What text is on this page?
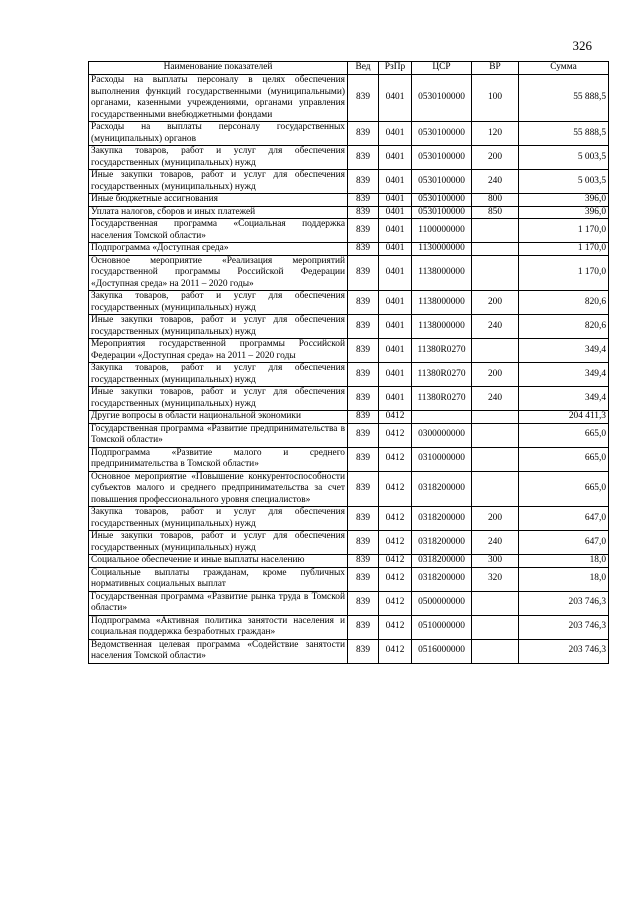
326
Наименование показателей	Вед	РзПр	ЦСР	ВР	Сумма
Расходы на выплаты персоналу в целях обеспечения выполнения функций государственными (муниципальными) органами, казенными учреждениями, органами управления государственными внебюджетными фондами	839	0401	0530100000	100	55 888,5
Расходы на выплаты персоналу государственных (муниципальных) органов	839	0401	0530100000	120	55 888,5
Закупка товаров, работ и услуг для обеспечения государственных (муниципальных) нужд	839	0401	0530100000	200	5 003,5
Иные закупки товаров, работ и услуг для обеспечения государственных (муниципальных) нужд	839	0401	0530100000	240	5 003,5
Иные бюджетные ассигнования	839	0401	0530100000	800	396,0
Уплата налогов, сборов и иных платежей	839	0401	0530100000	850	396,0
Государственная программа «Социальная поддержка населения Томской области»	839	0401	1100000000		1 170,0
Подпрограмма «Доступная среда»	839	0401	1130000000		1 170,0
Основное мероприятие «Реализация мероприятий государственной программы Российской Федерации «Доступная среда» на 2011 – 2020 годы»	839	0401	1138000000		1 170,0
Закупка товаров, работ и услуг для обеспечения государственных (муниципальных) нужд	839	0401	1138000000	200	820,6
Иные закупки товаров, работ и услуг для обеспечения государственных (муниципальных) нужд	839	0401	1138000000	240	820,6
Мероприятия государственной программы Российской Федерации «Доступная среда» на 2011 – 2020 годы	839	0401	11380R0270		349,4
Закупка товаров, работ и услуг для обеспечения государственных (муниципальных) нужд	839	0401	11380R0270	200	349,4
Иные закупки товаров, работ и услуг для обеспечения государственных (муниципальных) нужд	839	0401	11380R0270	240	349,4
Другие вопросы в области национальной экономики	839	0412			204 411,3
Государственная программа «Развитие предпринимательства в Томской области»	839	0412	0300000000		665,0
Подпрограмма «Развитие малого и среднего предпринимательства в Томской области»	839	0412	0310000000		665,0
Основное мероприятие «Повышение конкурентоспособности субъектов малого и среднего предпринимательства за счет повышения профессионального уровня специалистов»	839	0412	0318200000		665,0
Закупка товаров, работ и услуг для обеспечения государственных (муниципальных) нужд	839	0412	0318200000	200	647,0
Иные закупки товаров, работ и услуг для обеспечения государственных (муниципальных) нужд	839	0412	0318200000	240	647,0
Социальное обеспечение и иные выплаты населению	839	0412	0318200000	300	18,0
Социальные выплаты гражданам, кроме публичных нормативных социальных выплат	839	0412	0318200000	320	18,0
Государственная программа «Развитие рынка труда в Томской области»	839	0412	0500000000		203 746,3
Подпрограмма «Активная политика занятости населения и социальная поддержка безработных граждан»	839	0412	0510000000		203 746,3
Ведомственная целевая программа «Содействие занятости населения Томской области»	839	0412	0516000000		203 746,3
